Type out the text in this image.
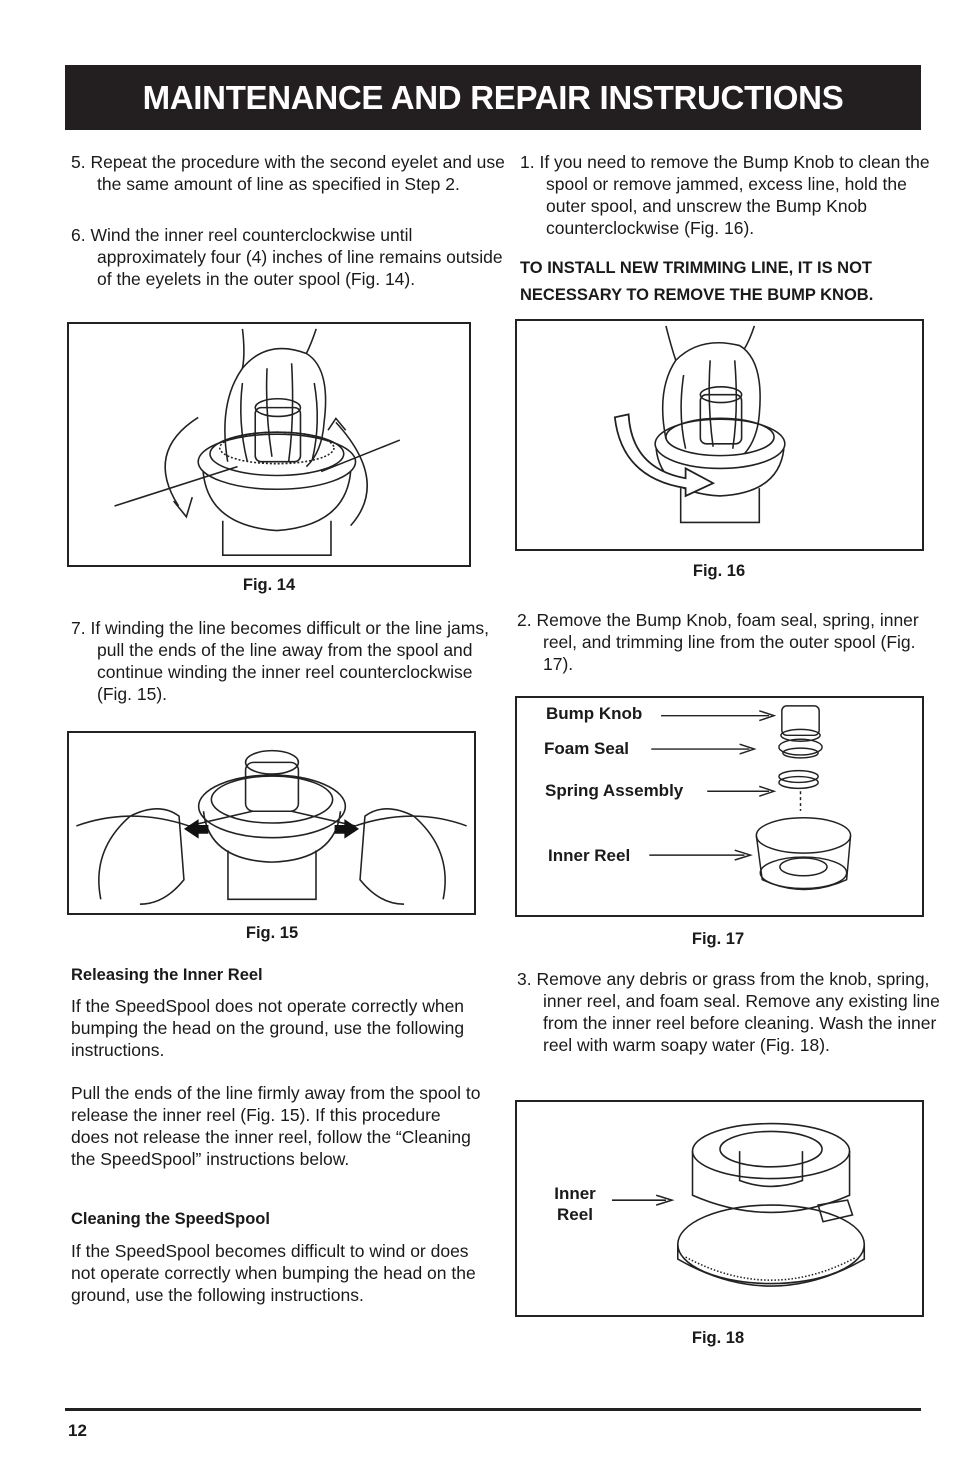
MAINTENANCE AND REPAIR INSTRUCTIONS
5. Repeat the procedure with the second eyelet and use the same amount of line as specified in Step 2.
6. Wind the inner reel counterclockwise until approximately four (4) inches of line remains outside of the eyelets in the outer spool (Fig. 14).
Fig. 14
7. If winding the line becomes difficult or the line jams, pull the ends of the line away from the spool and continue winding the inner reel counterclockwise (Fig. 15).
Fig. 15
Releasing the Inner Reel
If the SpeedSpool does not operate correctly when bumping the head on the ground, use the following instructions.
Pull the ends of the line firmly away from the spool to release the inner reel (Fig. 15). If this procedure does not release the inner reel, follow the “Cleaning the SpeedSpool” instructions below.
Cleaning the SpeedSpool
If the SpeedSpool becomes difficult to wind or does not operate correctly when bumping the head on the ground, use the following instructions.
1. If you need to remove the Bump Knob to clean the spool or remove jammed, excess line, hold the outer spool, and unscrew the Bump Knob counterclockwise (Fig. 16).
TO INSTALL NEW TRIMMING LINE, IT IS NOT NECESSARY TO REMOVE THE BUMP KNOB.
Fig. 16
2. Remove the Bump Knob, foam seal, spring, inner reel, and trimming line from the outer spool (Fig. 17).
Bump Knob
Foam Seal
Spring Assembly
Inner Reel
Fig. 17
3. Remove any debris or grass from the knob, spring, inner reel, and foam seal. Remove any existing line from the inner reel before cleaning. Wash the inner reel with warm soapy water (Fig. 18).
Inner
Reel
Fig. 18
12
